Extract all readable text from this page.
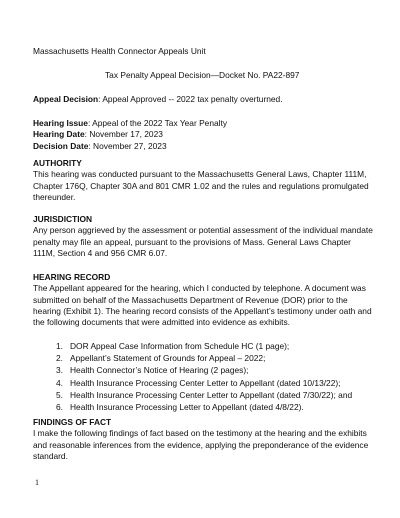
Massachusetts Health Connector Appeals Unit

Tax Penalty Appeal Decision—Docket No. PA22-897

Appeal Decision: Appeal Approved -- 2022 tax penalty overturned.

Hearing Issue: Appeal of the 2022 Tax Year Penalty

Hearing Date: November 17, 2023

Decision Date: November 27, 2023

AUTHORITY

This hearing was conducted pursuant to the Massachusetts General Laws, Chapter 111M, Chapter 176Q, Chapter 30A and 801 CMR 1.02 and the rules and regulations promulgated thereunder.

JURISDICTION

Any person aggrieved by the assessment or potential assessment of the individual mandate penalty may file an appeal, pursuant to the provisions of Mass. General Laws Chapter 111M, Section 4 and 956 CMR 6.07.

HEARING RECORD

The Appellant appeared for the hearing, which I conducted by telephone. A document was submitted on behalf of the Massachusetts Department of Revenue (DOR) prior to the hearing (Exhibit 1). The hearing record consists of the Appellant’s testimony under oath and the following documents that were admitted into evidence as exhibits.

1. DOR Appeal Case Information from Schedule HC (1 page);
2. Appellant’s Statement of Grounds for Appeal – 2022;
3. Health Connector’s Notice of Hearing (2 pages);
4. Health Insurance Processing Center Letter to Appellant (dated 10/13/22);
5. Health Insurance Processing Center Letter to Appellant (dated 7/30/22); and
6. Health Insurance Processing Letter to Appellant (dated 4/8/22).

FINDINGS OF FACT

I make the following findings of fact based on the testimony at the hearing and the exhibits and reasonable inferences from the evidence, applying the preponderance of the evidence standard.

1
